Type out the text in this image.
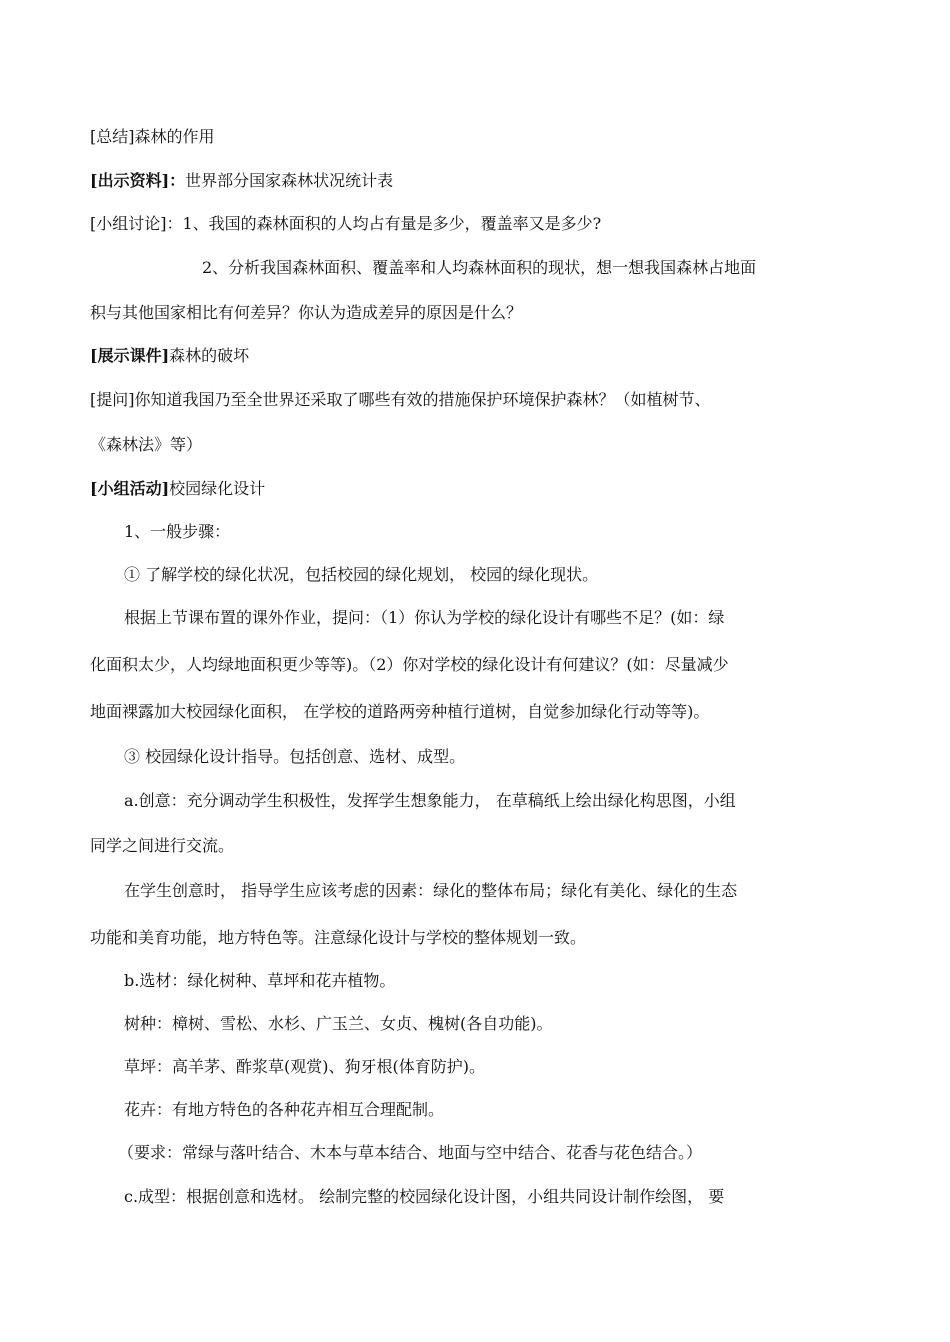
[总结]森林的作用
[出示资料]：世界部分国家森林状况统计表
[小组讨论]：1、我国的森林面积的人均占有量是多少，覆盖率又是多少?
2、分析我国森林面积、覆盖率和人均森林面积的现状，想一想我国森林占地面
积与其他国家相比有何差异？你认为造成差异的原因是什么？
[展示课件]森林的破坏
[提问]你知道我国乃至全世界还采取了哪些有效的措施保护环境保护森林？（如植树节、
《森林法》等）
[小组活动]校园绿化设计
1、一般步骤：
① 了解学校的绿化状况，包括校园的绿化规划， 校园的绿化现状。
根据上节课布置的课外作业，提问：（1）你认为学校的绿化设计有哪些不足？(如：绿
化面积太少，人均绿地面积更少等等)。（2）你对学校的绿化设计有何建议？(如：尽量减少
地面裸露加大校园绿化面积， 在学校的道路两旁种植行道树，自觉参加绿化行动等等)。
③ 校园绿化设计指导。包括创意、选材、成型。
a.创意：充分调动学生积极性，发挥学生想象能力， 在草稿纸上绘出绿化构思图，小组
同学之间进行交流。
在学生创意时， 指导学生应该考虑的因素：绿化的整体布局；绿化有美化、绿化的生态
功能和美育功能，地方特色等。注意绿化设计与学校的整体规划一致。
b.选材：绿化树种、草坪和花卉植物。
树种：樟树、雪松、水杉、广玉兰、女贞、槐树(各自功能)。
草坪：高羊茅、酢浆草(观赏)、狗牙根(体育防护)。
花卉：有地方特色的各种花卉相互合理配制。
（要求：常绿与落叶结合、木本与草本结合、地面与空中结合、花香与花色结合。）
c.成型：根据创意和选材。 绘制完整的校园绿化设计图，小组共同设计制作绘图， 要
